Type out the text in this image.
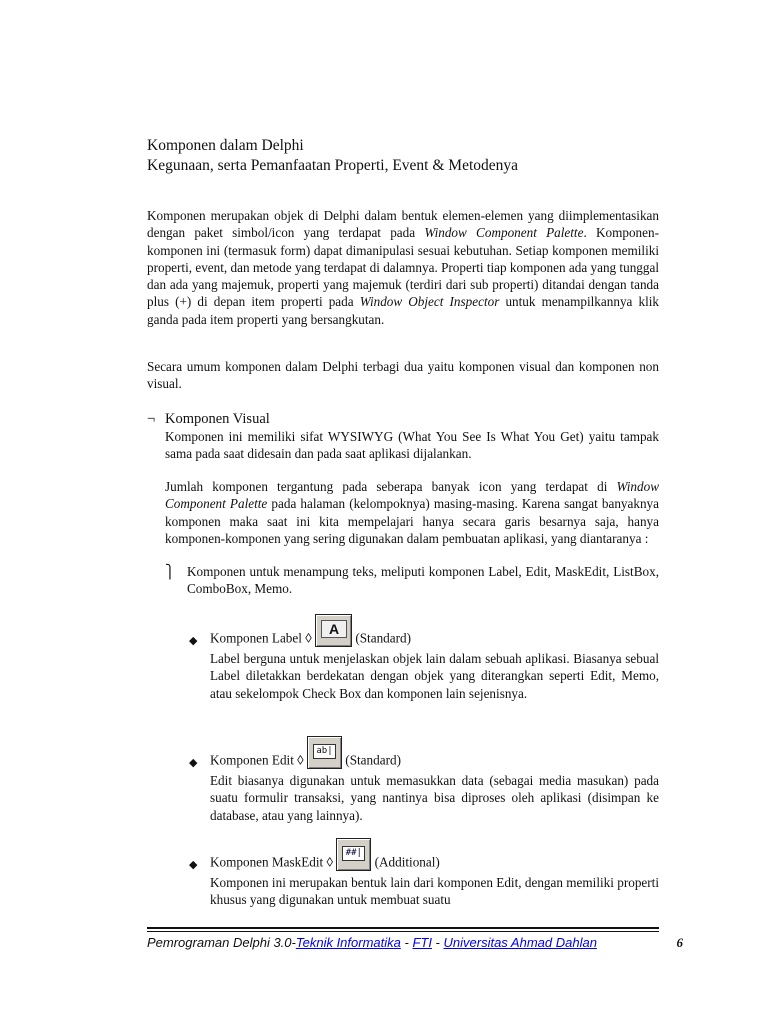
Komponen dalam Delphi
Kegunaan, serta Pemanfaatan Properti, Event & Metodenya
Komponen merupakan objek di Delphi dalam bentuk elemen-elemen yang diimplementasikan dengan paket simbol/icon yang terdapat pada Window Component Palette. Komponen-komponen ini (termasuk form) dapat dimanipulasi sesuai kebutuhan. Setiap komponen memiliki properti, event, dan metode yang terdapat di dalamnya. Properti tiap komponen ada yang tunggal dan ada yang majemuk, properti yang majemuk (terdiri dari sub properti) ditandai dengan tanda plus (+) di depan item properti pada Window Object Inspector untuk menampilkannya klik ganda pada item properti yang bersangkutan.
Secara umum komponen dalam Delphi terbagi dua yaitu komponen visual dan komponen non visual.
¬ Komponen Visual
Komponen ini memiliki sifat WYSIWYG (What You See Is What You Get) yaitu tampak sama pada saat didesain dan pada saat aplikasi dijalankan.
Jumlah komponen tergantung pada seberapa banyak icon yang terdapat di Window Component Palette pada halaman (kelompoknya) masing-masing. Karena sangat banyaknya komponen maka saat ini kita mempelajari hanya secara garis besarnya saja, hanya komponen-komponen yang sering digunakan dalam pembuatan aplikasi, yang diantaranya :
⎫ Komponen untuk menampung teks, meliputi komponen Label, Edit, MaskEdit, ListBox, ComboBox, Memo.
◆ Komponen Label ◊
A
(Standard)
Label berguna untuk menjelaskan objek lain dalam sebuah aplikasi. Biasanya sebual Label diletakkan berdekatan dengan objek yang diterangkan seperti Edit, Memo, atau sekelompok Check Box dan komponen lain sejenisnya.
◆ Komponen Edit ◊
ab|
(Standard)
Edit biasanya digunakan untuk memasukkan data (sebagai media masukan) pada suatu formulir transaksi, yang nantinya bisa diproses oleh aplikasi (disimpan ke database, atau yang lainnya).
◆ Komponen MaskEdit ◊
##|
(Additional)
Komponen ini merupakan bentuk lain dari komponen Edit, dengan memiliki properti khusus yang digunakan untuk membuat suatu
Pemrograman Delphi 3.0-Teknik Informatika - FTI - Universitas Ahmad Dahlan	6
